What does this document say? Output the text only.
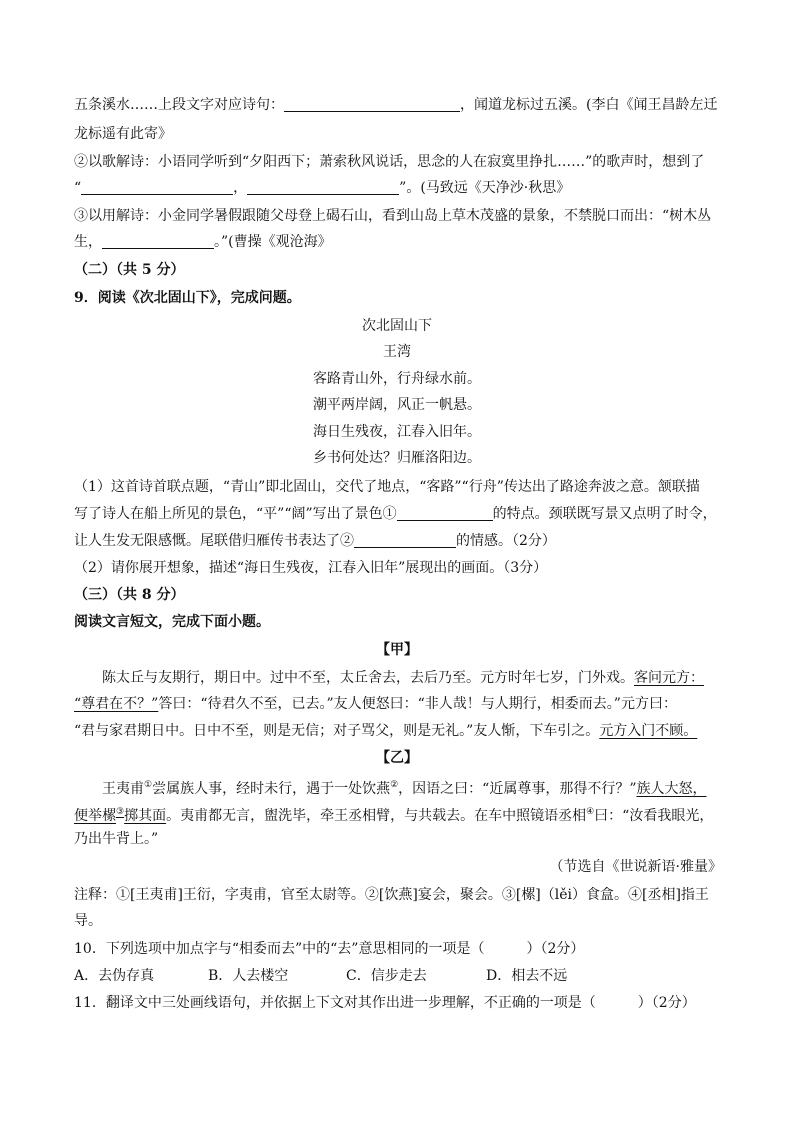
五条溪水……上段文字对应诗句：	，闻道龙标过五溪。(李白《闻王昌龄左迁
龙标遥有此寄》
②以歌解诗：小语同学听到“夕阳西下；萧索秋风说话，思念的人在寂寞里挣扎……”的歌声时，想到了
“	，	”。(马致远《天净沙·秋思》
③以用解诗：小金同学暑假跟随父母登上碣石山，看到山岛上草木茂盛的景象，不禁脱口而出：“树木丛
生，	。”(曹操《观沧海》
（二）（共 5 分）
9．阅读《次北固山下》，完成问题。
次北固山下
王湾
客路青山外，行舟绿水前。
潮平两岸阔，风正一帆悬。
海日生残夜，江春入旧年。
乡书何处达？归雁洛阳边。
（1）这首诗首联点题，“青山”即北固山，交代了地点，“客路”“行舟”传达出了路途奔波之意。颔联描
写了诗人在船上所见的景色，“平”“阔”写出了景色①	的特点。颈联既写景又点明了时令，
让人生发无限感慨。尾联借归雁传书表达了②	的情感。（2分）
（2）请你展开想象，描述“海日生残夜，江春入旧年”展现出的画面。（3分）
（三）（共 8 分）
阅读文言短文，完成下面小题。
【甲】
陈太丘与友期行，期日中。过中不至，太丘舍去，去后乃至。元方时年七岁，门外戏。客问元方：
“尊君在不？”答曰：“待君久不至，已去。”友人便怒曰：“非人哉！与人期行，相委而去。”元方曰：
“君与家君期日中。日中不至，则是无信；对子骂父，则是无礼。”友人惭，下车引之。元方入门不顾。
【乙】
王夷甫①尝属族人事，经时未行，遇于一处饮燕②，因语之曰：“近属尊事，那得不行？”族人大怒，
便举樏③掷其面。夷甫都无言，盥洗毕，牵王丞相臂，与共载去。在车中照镜语丞相④曰：“汝看我眼光，
乃出牛背上。”
（节选自《世说新语·雅量》
注释：①[王夷甫]王衍，字夷甫，官至太尉等。②[饮燕]宴会，聚会。③[樏]（lěi）食盒。④[丞相]指王
导。
10．下列选项中加点字与“相委而去”中的“去”意思相同的一项是（　　　）（2分）
A．去伪存真	B．人去楼空	C．信步走去	D．相去不远
11．翻译文中三处画线语句，并依据上下文对其作出进一步理解，不正确的一项是（　　　）（2分）
